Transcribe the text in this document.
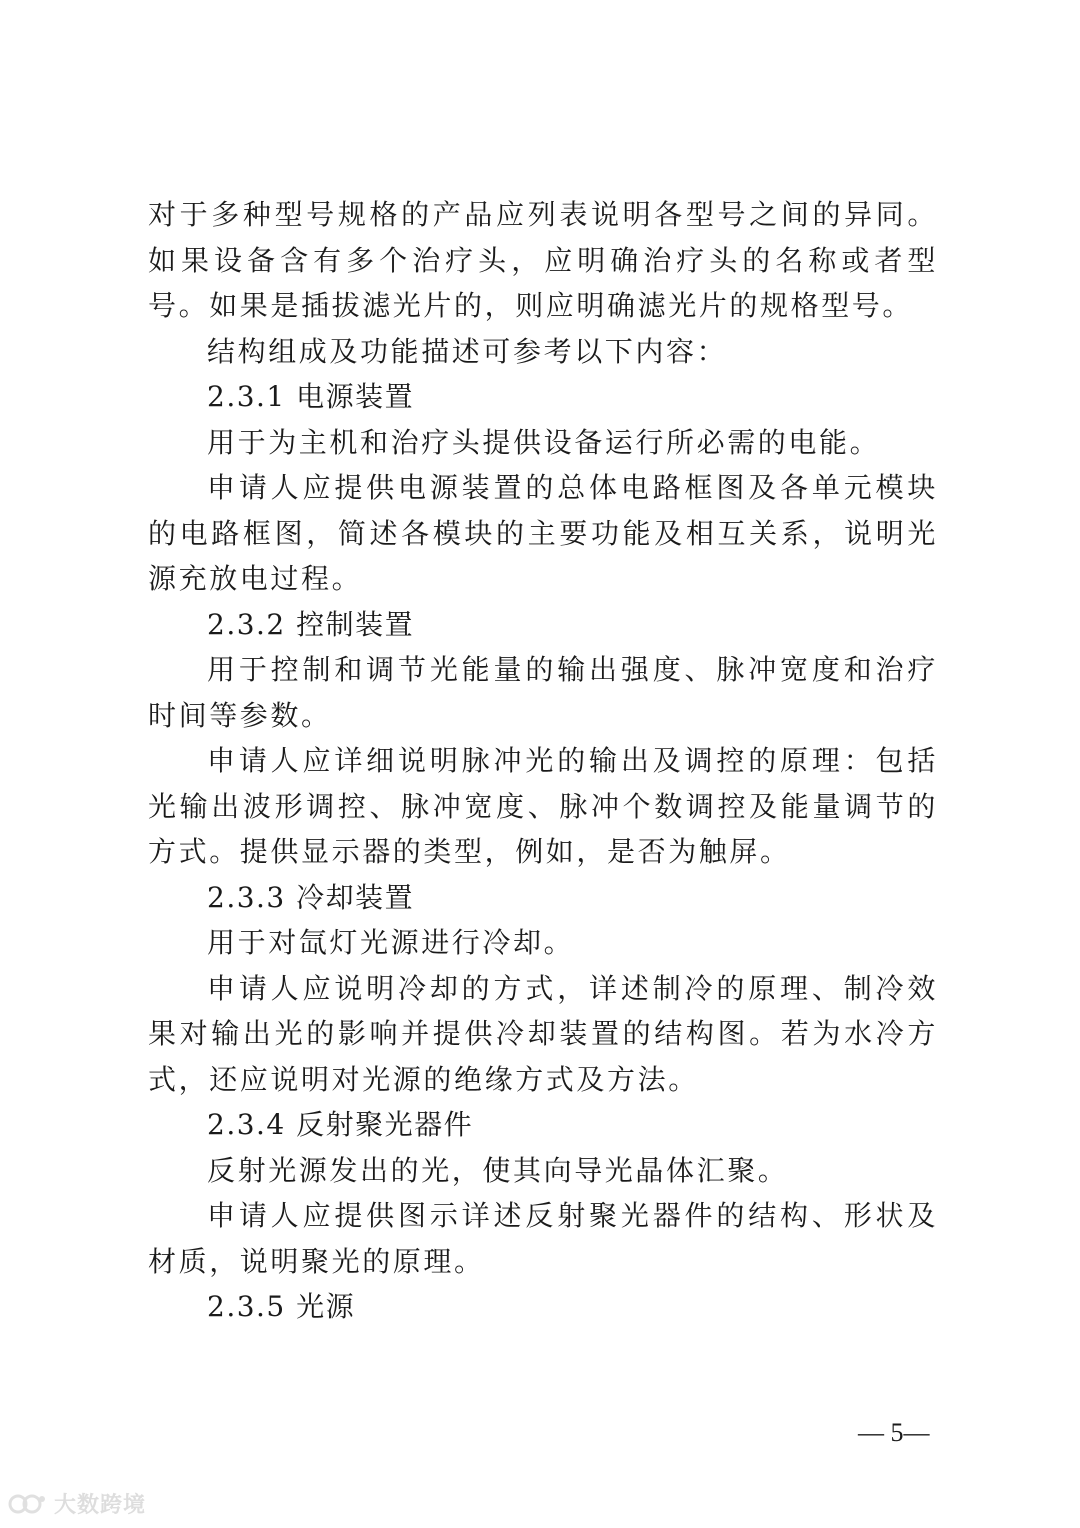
对于多种型号规格的产品应列表说明各型号之间的异同。如果设备含有多个治疗头，应明确治疗头的名称或者型号。如果是插拔滤光片的，则应明确滤光片的规格型号。

结构组成及功能描述可参考以下内容：

2.3.1 电源装置

用于为主机和治疗头提供设备运行所必需的电能。

申请人应提供电源装置的总体电路框图及各单元模块的电路框图，简述各模块的主要功能及相互关系，说明光源充放电过程。

2.3.2 控制装置

用于控制和调节光能量的输出强度、脉冲宽度和治疗时间等参数。

申请人应详细说明脉冲光的输出及调控的原理：包括光输出波形调控、脉冲宽度、脉冲个数调控及能量调节的方式。提供显示器的类型，例如，是否为触屏。

2.3.3 冷却装置

用于对氙灯光源进行冷却。

申请人应说明冷却的方式，详述制冷的原理、制冷效果对输出光的影响并提供冷却装置的结构图。若为水冷方式，还应说明对光源的绝缘方式及方法。

2.3.4 反射聚光器件

反射光源发出的光，使其向导光晶体汇聚。

申请人应提供图示详述反射聚光器件的结构、形状及材质，说明聚光的原理。

2.3.5 光源

— 5—
大数跨境
